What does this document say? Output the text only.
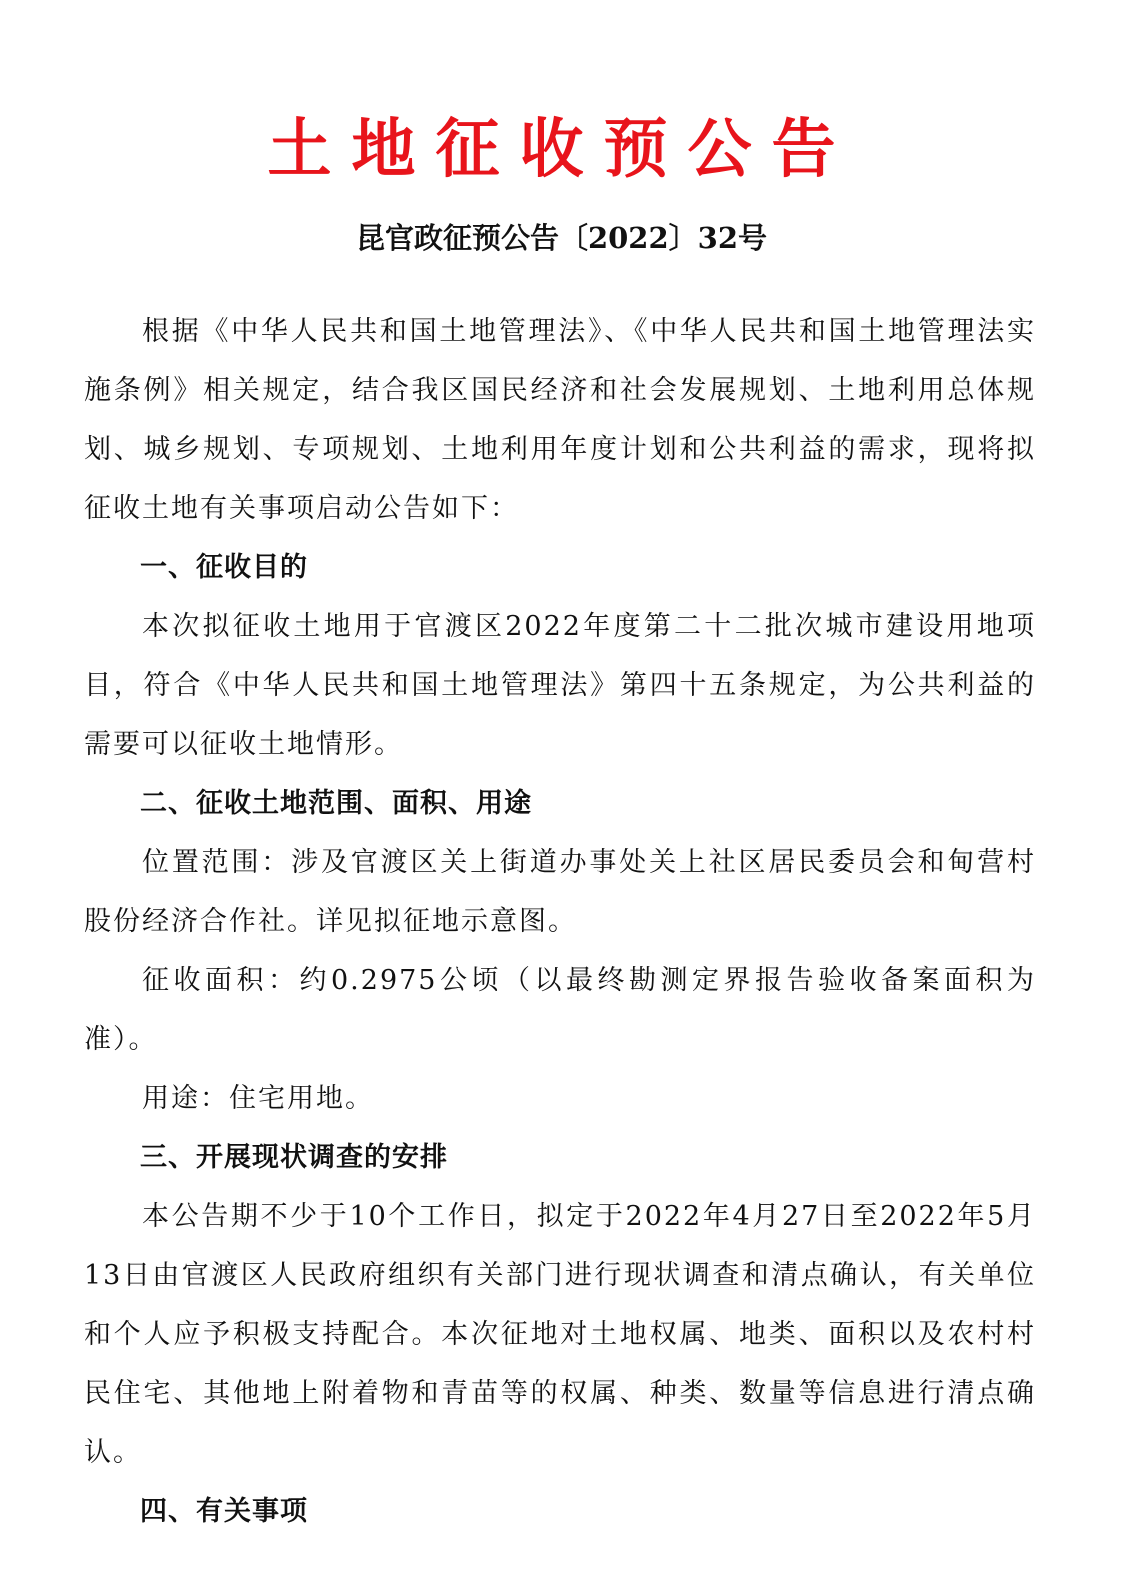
土地征收预公告
昆官政征预公告〔2022〕32号

根据《中华人民共和国土地管理法》、《中华人民共和国土地管理法实施条例》相关规定，结合我区国民经济和社会发展规划、土地利用总体规划、城乡规划、专项规划、土地利用年度计划和公共利益的需求，现将拟征收土地有关事项启动公告如下：

一、征收目的

本次拟征收土地用于官渡区2022年度第二十二批次城市建设用地项目，符合《中华人民共和国土地管理法》第四十五条规定，为公共利益的需要可以征收土地情形。

二、征收土地范围、面积、用途

位置范围：涉及官渡区关上街道办事处关上社区居民委员会和甸营村股份经济合作社。详见拟征地示意图。

征收面积：约0.2975公顷（以最终勘测定界报告验收备案面积为准）。

用途：住宅用地。

三、开展现状调查的安排

本公告期不少于10个工作日，拟定于2022年4月27日至2022年5月13日由官渡区人民政府组织有关部门进行现状调查和清点确认，有关单位和个人应予积极支持配合。本次征地对土地权属、地类、面积以及农村村民住宅、其他地上附着物和青苗等的权属、种类、数量等信息进行清点确认。

四、有关事项
